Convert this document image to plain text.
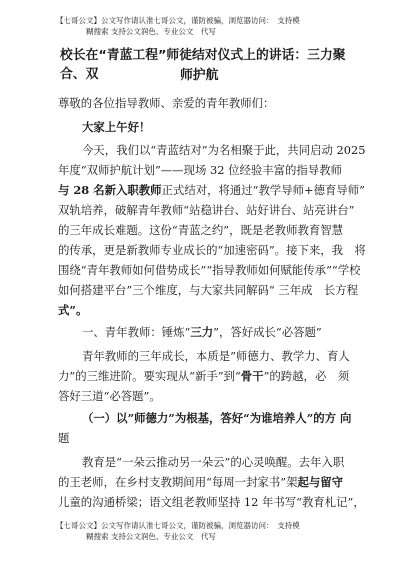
【七哥公文】公文写作请认准七哥公文，谨防被骗，浏览器访问：　支持模
糊搜索 支持公文润色、专业公文　代写
校长在“青蓝工程”师徒结对仪式上的讲话：三力聚合、双	师护航
尊敬的各位指导教师、亲爱的青年教师们：
大家上午好！
今天，我们以“青蓝结对”为名相聚于此，共同启动 2025
年度“双师护航计划”——现场 32 位经验丰富的指导教师
与 28 名新入职教师正式结对，将通过“教学导师+德育导师”
双轨培养，破解青年教师“站稳讲台、站好讲台、站亮讲台”
的三年成长难题。这份“青蓝之约”，既是老教师教育智慧
的传承，更是新教师专业成长的“加速密码”。接下来，我　将
围绕“青年教师如何借势成长”“指导教师如何赋能传承”“学校
如何搭建平台”三个维度，与大家共同解码“ 三年成　长方程
式”。
一、青年教师：锤炼“三力”，答好成长“必答题”
青年教师的三年成长，本质是”师德力、教学力、育人
力”的三维进阶。要实现从“新手”到“骨干”的跨越，必　须
答好三道“必答题”。
（一）以”师德力”为根基，答好“为谁培养人”的方 向
题
教育是“一朵云推动另一朵云”的心灵唤醒。去年入职
的王老师，在乡村支教期间用“每周一封家书”架起与留守
儿童的沟通桥梁；语文组老教师坚持 12 年书写“教育札记”，
【七哥公文】公文写作请认准七哥公文，谨防被骗，浏览器访问：　支持模
糊搜索 支持公文润色、专业公文　代写
